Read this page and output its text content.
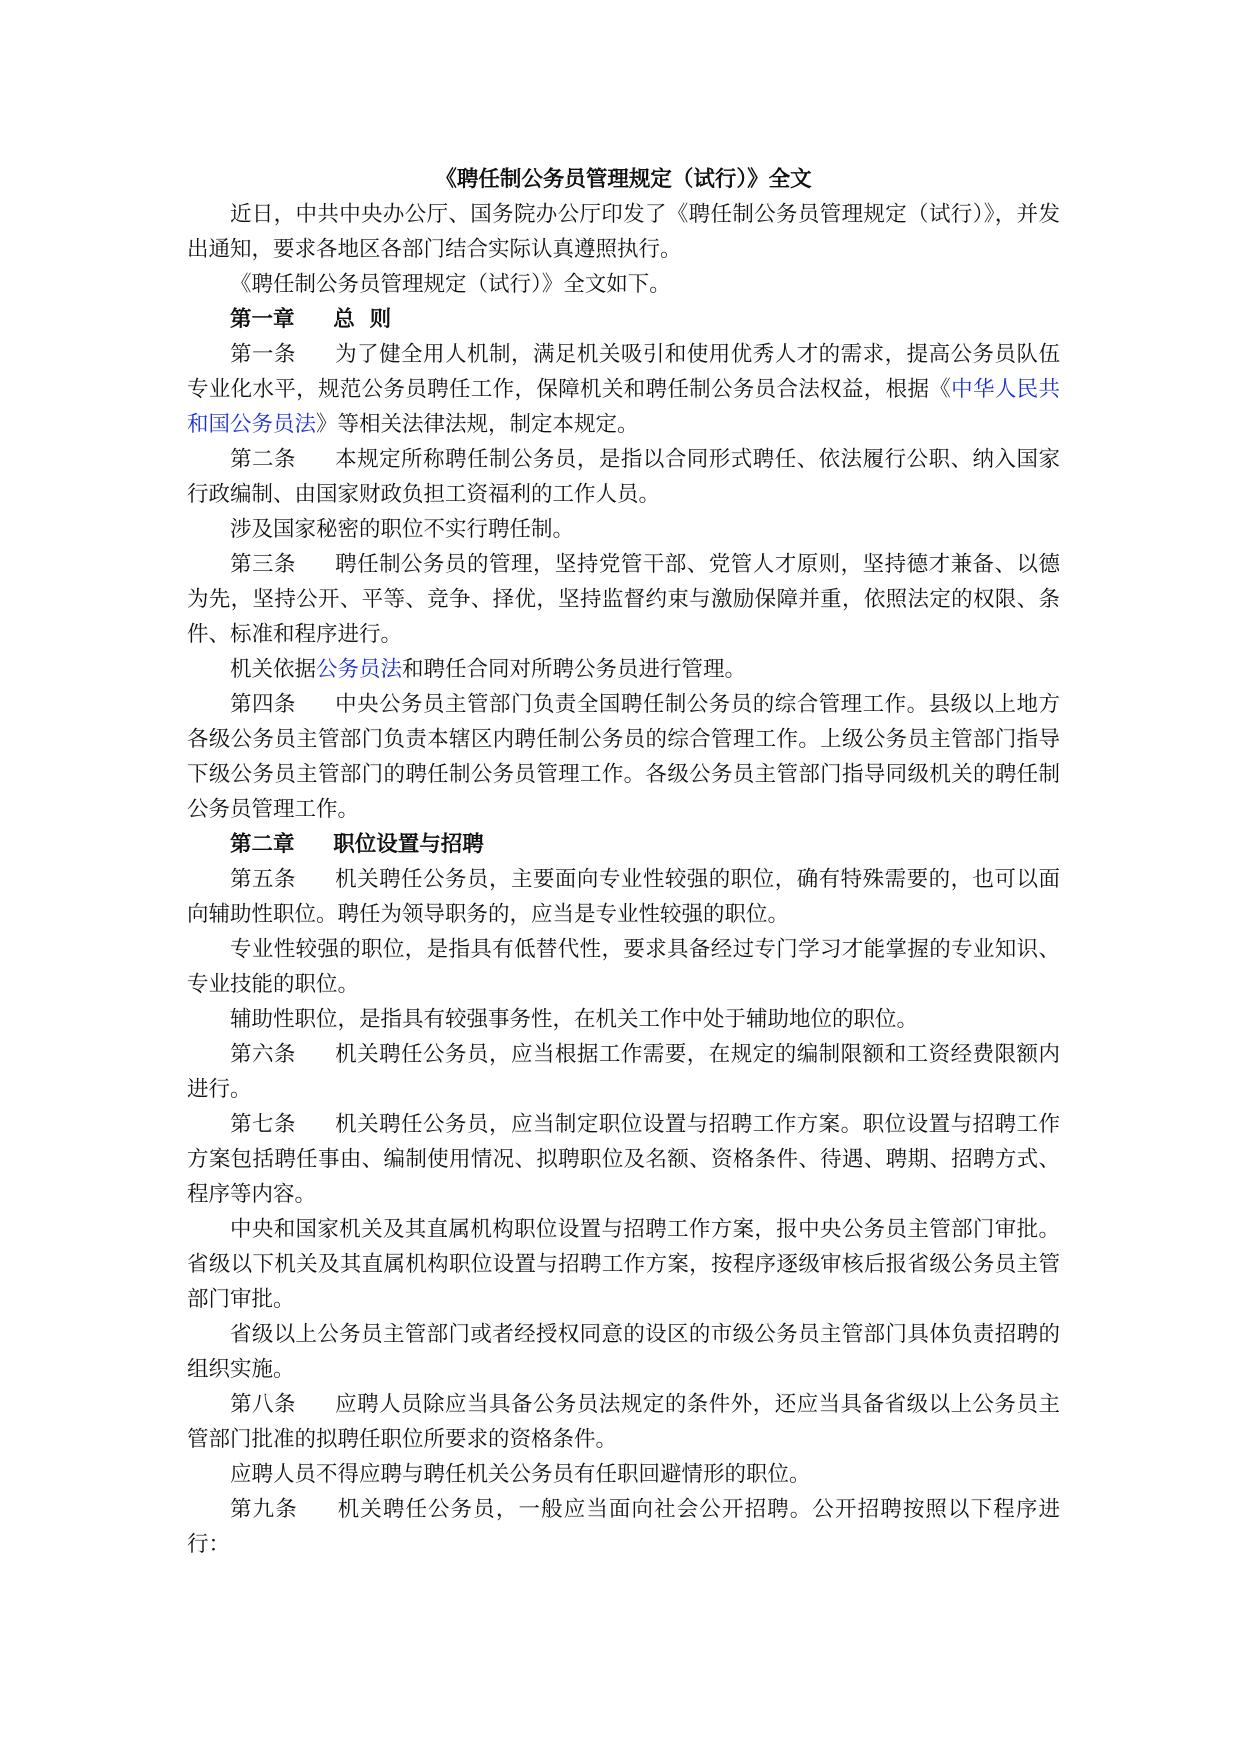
《聘任制公务员管理规定（试行）》全文

近日，中共中央办公厅、国务院办公厅印发了《聘任制公务员管理规定（试行）》，并发出通知，要求各地区各部门结合实际认真遵照执行。

《聘任制公务员管理规定（试行）》全文如下。

第一章 总  则

第一条 为了健全用人机制，满足机关吸引和使用优秀人才的需求，提高公务员队伍专业化水平，规范公务员聘任工作，保障机关和聘任制公务员合法权益，根据《中华人民共和国公务员法》等相关法律法规，制定本规定。

第二条 本规定所称聘任制公务员，是指以合同形式聘任、依法履行公职、纳入国家行政编制、由国家财政负担工资福利的工作人员。

涉及国家秘密的职位不实行聘任制。

第三条 聘任制公务员的管理，坚持党管干部、党管人才原则，坚持德才兼备、以德为先，坚持公开、平等、竞争、择优，坚持监督约束与激励保障并重，依照法定的权限、条件、标准和程序进行。

机关依据公务员法和聘任合同对所聘公务员进行管理。

第四条 中央公务员主管部门负责全国聘任制公务员的综合管理工作。县级以上地方各级公务员主管部门负责本辖区内聘任制公务员的综合管理工作。上级公务员主管部门指导下级公务员主管部门的聘任制公务员管理工作。各级公务员主管部门指导同级机关的聘任制公务员管理工作。

第二章 职位设置与招聘

第五条 机关聘任公务员，主要面向专业性较强的职位，确有特殊需要的，也可以面向辅助性职位。聘任为领导职务的，应当是专业性较强的职位。

专业性较强的职位，是指具有低替代性，要求具备经过专门学习才能掌握的专业知识、专业技能的职位。

辅助性职位，是指具有较强事务性，在机关工作中处于辅助地位的职位。

第六条 机关聘任公务员，应当根据工作需要，在规定的编制限额和工资经费限额内进行。

第七条 机关聘任公务员，应当制定职位设置与招聘工作方案。职位设置与招聘工作方案包括聘任事由、编制使用情况、拟聘职位及名额、资格条件、待遇、聘期、招聘方式、程序等内容。

中央和国家机关及其直属机构职位设置与招聘工作方案，报中央公务员主管部门审批。省级以下机关及其直属机构职位设置与招聘工作方案，按程序逐级审核后报省级公务员主管部门审批。

省级以上公务员主管部门或者经授权同意的设区的市级公务员主管部门具体负责招聘的组织实施。

第八条 应聘人员除应当具备公务员法规定的条件外，还应当具备省级以上公务员主管部门批准的拟聘任职位所要求的资格条件。

应聘人员不得应聘与聘任机关公务员有任职回避情形的职位。

第九条 机关聘任公务员，一般应当面向社会公开招聘。公开招聘按照以下程序进行：
